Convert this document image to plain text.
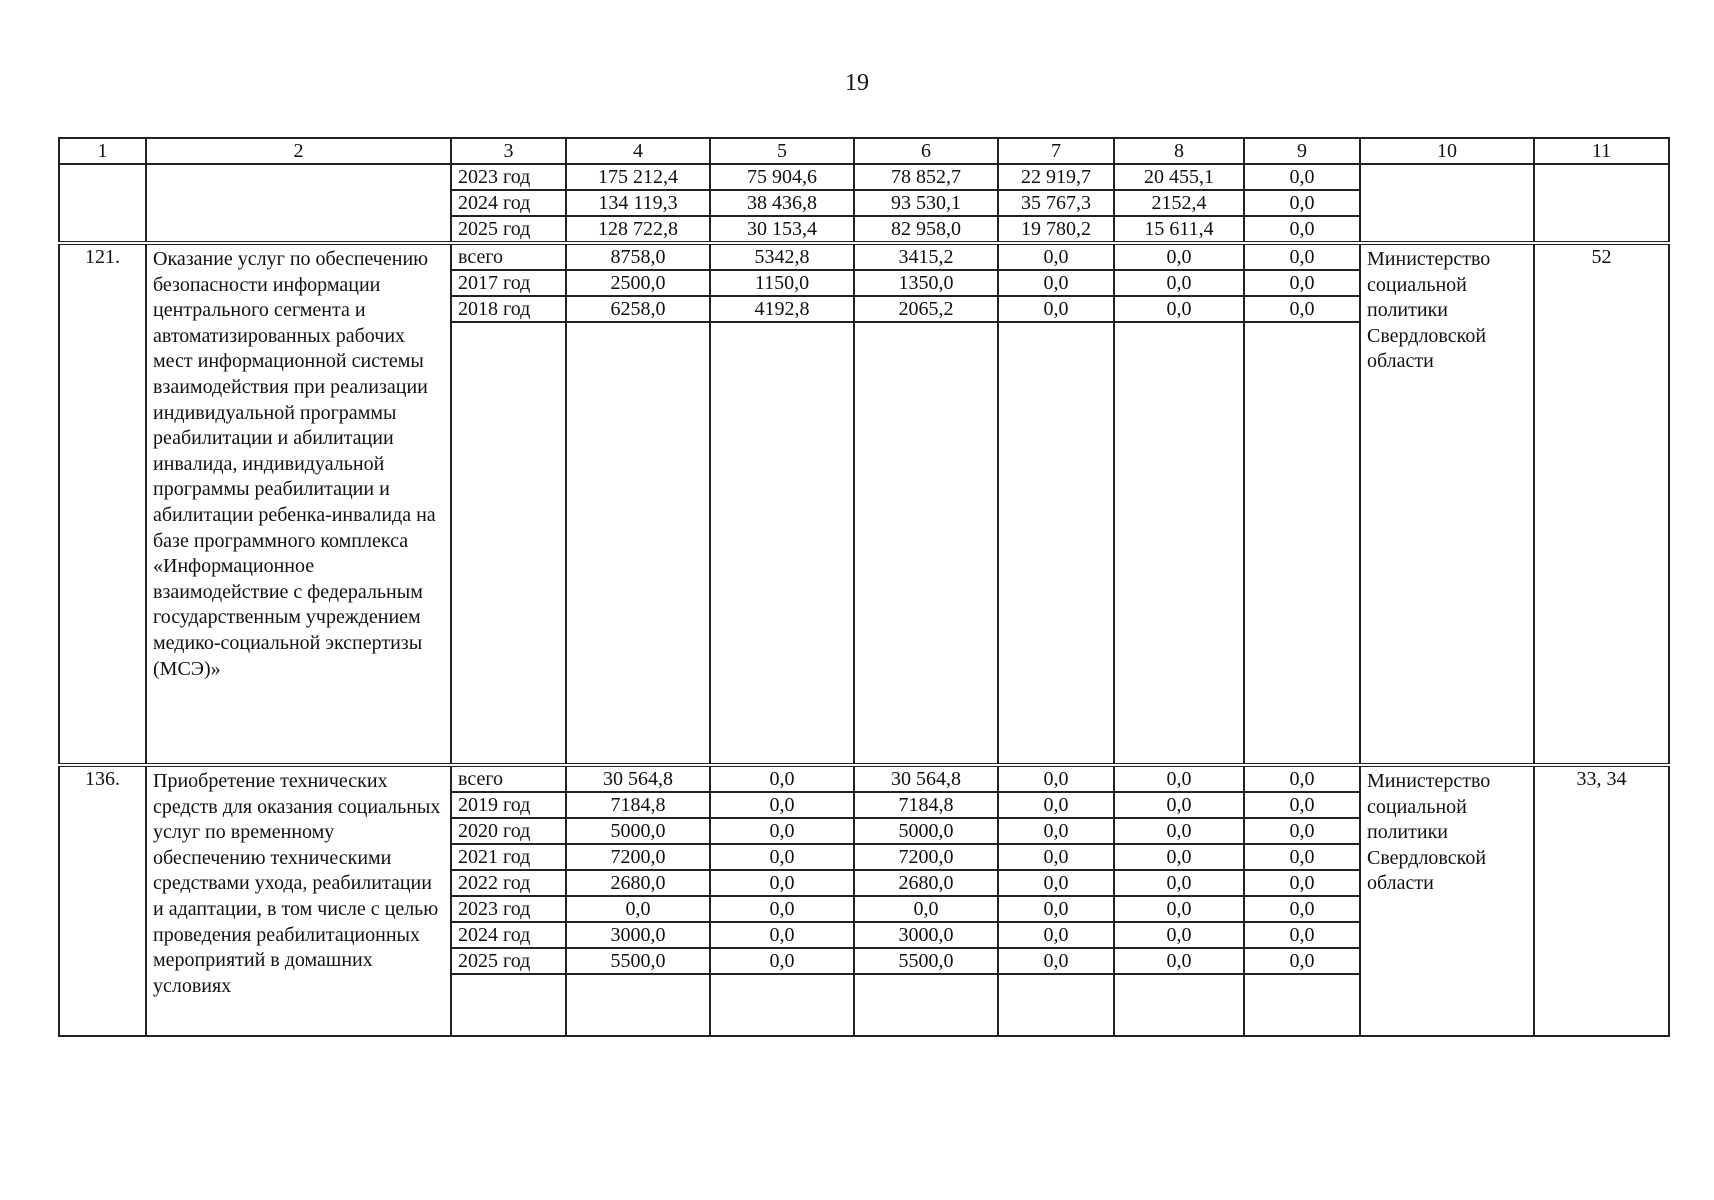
19
1	2	3	4	5	6	7	8	9	10	11
		2023 год	175 212,4	75 904,6	78 852,7	22 919,7	20 455,1	0,0		
		2024 год	134 119,3	38 436,8	93 530,1	35 767,3	2152,4	0,0		
		2025 год	128 722,8	30 153,4	82 958,0	19 780,2	15 611,4	0,0		
121.	Оказание услуг по обеспечению безопасности информации центрального сегмента и автоматизированных рабочих мест информационной системы взаимодействия при реализации индивидуальной программы реабилитации и абилитации инвалида, индивидуальной программы реабилитации и абилитации ребенка-инвалида на базе программного комплекса «Информационное взаимодействие с федеральным государственным учреждением медико-социальной экспертизы (МСЭ)»	всего	8758,0	5342,8	3415,2	0,0	0,0	0,0	Министерство социальной политики Свердловской области	52
		2017 год	2500,0	1150,0	1350,0	0,0	0,0	0,0		
		2018 год	6258,0	4192,8	2065,2	0,0	0,0	0,0		

136.	Приобретение технических средств для оказания социальных услуг по временному обеспечению техническими средствами ухода, реабилитации и адаптации, в том числе с целью проведения реабилитационных мероприятий в домашних условиях	всего	30 564,8	0,0	30 564,8	0,0	0,0	0,0	Министерство социальной политики Свердловской области	33, 34
		2019 год	7184,8	0,0	7184,8	0,0	0,0	0,0		
		2020 год	5000,0	0,0	5000,0	0,0	0,0	0,0		
		2021 год	7200,0	0,0	7200,0	0,0	0,0	0,0		
		2022 год	2680,0	0,0	2680,0	0,0	0,0	0,0		
		2023 год	0,0	0,0	0,0	0,0	0,0	0,0		
		2024 год	3000,0	0,0	3000,0	0,0	0,0	0,0		
		2025 год	5500,0	0,0	5500,0	0,0	0,0	0,0		
